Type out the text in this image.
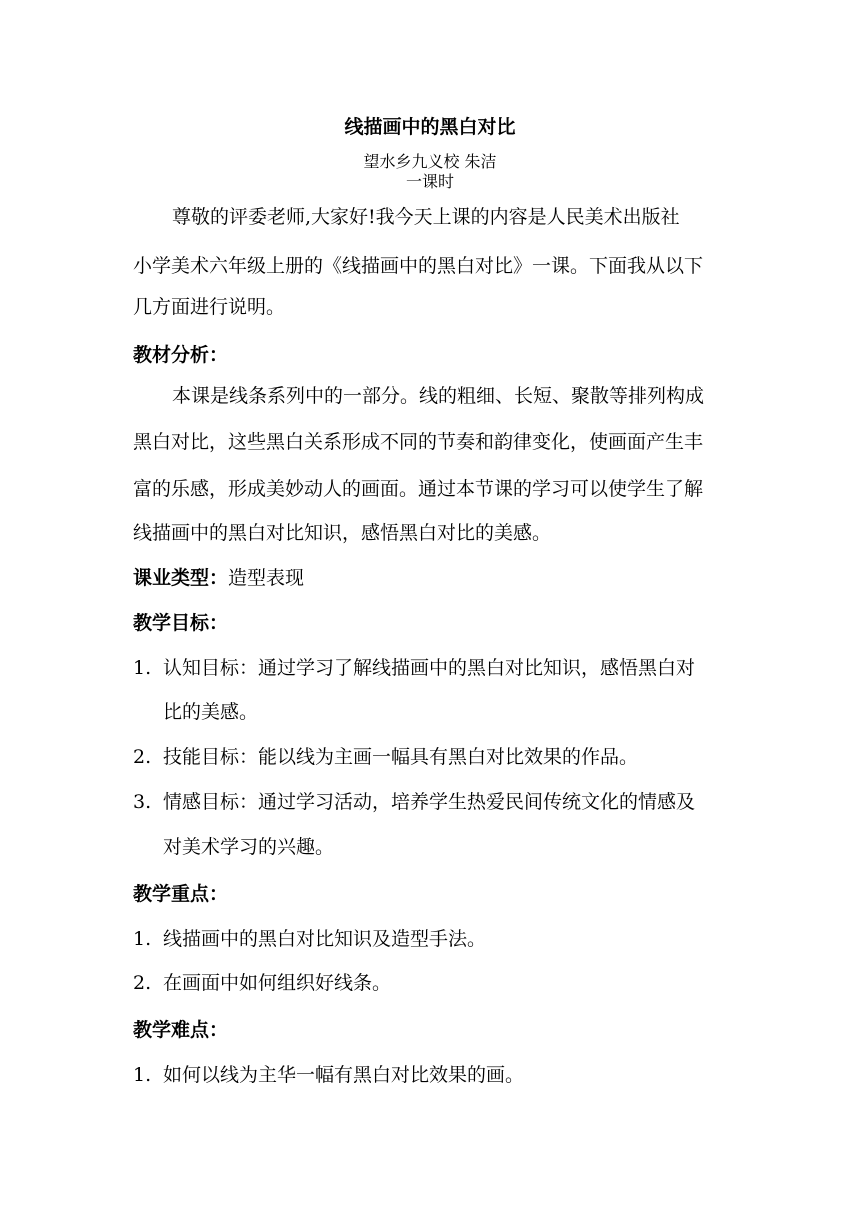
线描画中的黑白对比
望水乡九义校 朱洁
一课时
尊敬的评委老师,大家好!我今天上课的内容是人民美术出版社
小学美术六年级上册的《线描画中的黑白对比》一课。下面我从以下
几方面进行说明。
教材分析：
本课是线条系列中的一部分。线的粗细、长短、聚散等排列构成
黑白对比，这些黑白关系形成不同的节奏和韵律变化，使画面产生丰
富的乐感，形成美妙动人的画面。通过本节课的学习可以使学生了解
线描画中的黑白对比知识，感悟黑白对比的美感。
课业类型：造型表现
教学目标：
1. 认知目标：通过学习了解线描画中的黑白对比知识，感悟黑白对
比的美感。
2. 技能目标：能以线为主画一幅具有黑白对比效果的作品。
3. 情感目标：通过学习活动，培养学生热爱民间传统文化的情感及
对美术学习的兴趣。
教学重点：
1. 线描画中的黑白对比知识及造型手法。
2. 在画面中如何组织好线条。
教学难点：
1. 如何以线为主华一幅有黑白对比效果的画。
